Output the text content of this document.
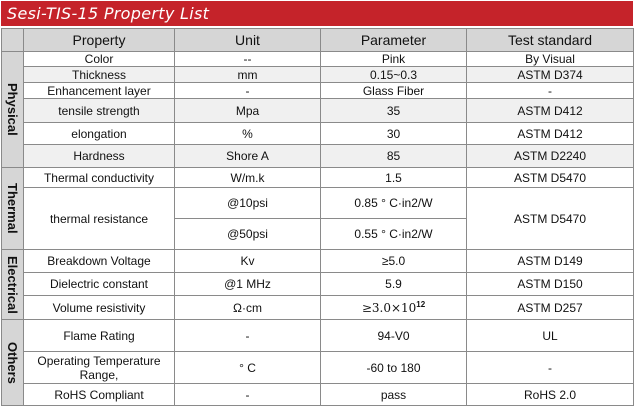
Sesi-TIS-15 Property List
	Property	Unit	Parameter	Test standard

Physical	Color	--	Pink	By Visual
	Thickness	mm	0.15~0.3	ASTM D374
	Enhancement layer	-	Glass Fiber	-
	tensile strength	Mpa	35	ASTM D412
	elongation	%	30	ASTM D412
	Hardness	Shore A	85	ASTM D2240

Thermal	Thermal conductivity	W/m.k	1.5	ASTM D5470
	thermal resistance	@10psi	0.85 ° C·in2/W	ASTM D5470
		@50psi	0.55 ° C·in2/W	

Electrical	Breakdown Voltage	Kv	≥5.0	ASTM D149
	Dielectric constant	@1 MHz	5.9	ASTM D150
	Volume resistivity	Ω·cm	$\ge 3.0\times 10^{12}$	ASTM D257

Others	Flame Rating	-	94-V0	UL
	Operating Temperature Range,	° C	-60 to 180	-
	RoHS Compliant	-	pass	RoHS 2.0
